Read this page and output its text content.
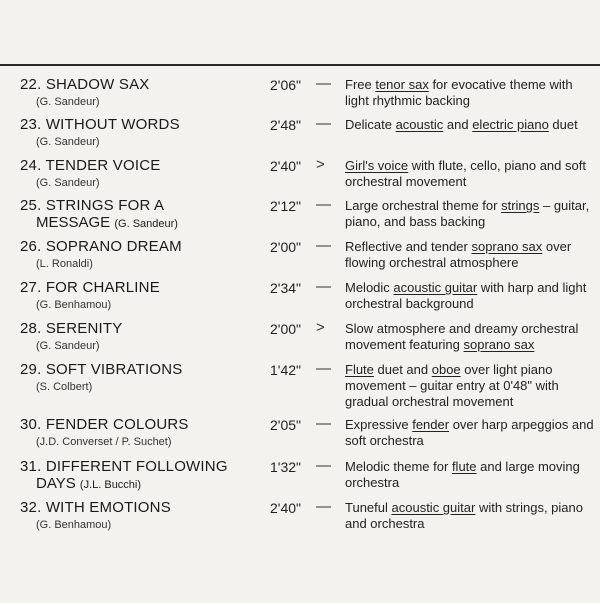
22. SHADOW SAX
(G. Sandeur)
2'06" — Free tenor sax for evocative theme with light rhythmic backing
23. WITHOUT WORDS
(G. Sandeur)
2'48" — Delicate acoustic and electric piano duet
24. TENDER VOICE
(G. Sandeur)
2'40" > Girl's voice with flute, cello, piano and soft orchestral movement
25. STRINGS FOR A
MESSAGE (G. Sandeur)
2'12" — Large orchestral theme for strings – guitar, piano, and bass backing
26. SOPRANO DREAM
(L. Ronaldi)
2'00" — Reflective and tender soprano sax over flowing orchestral atmosphere
27. FOR CHARLINE
(G. Benhamou)
2'34" — Melodic acoustic guitar with harp and light orchestral background
28. SERENITY
(G. Sandeur)
2'00" > Slow atmosphere and dreamy orchestral movement featuring soprano sax
29. SOFT VIBRATIONS
(S. Colbert)
1'42" — Flute duet and oboe over light piano movement – guitar entry at 0'48" with gradual orchestral movement
30. FENDER COLOURS
(J.D. Converset / P. Suchet)
2'05" — Expressive fender over harp arpeggios and soft orchestra
31. DIFFERENT FOLLOWING
DAYS (J.L. Bucchi)
1'32" — Melodic theme for flute and large moving orchestra
32. WITH EMOTIONS
(G. Benhamou)
2'40" — Tuneful acoustic guitar with strings, piano and orchestra
